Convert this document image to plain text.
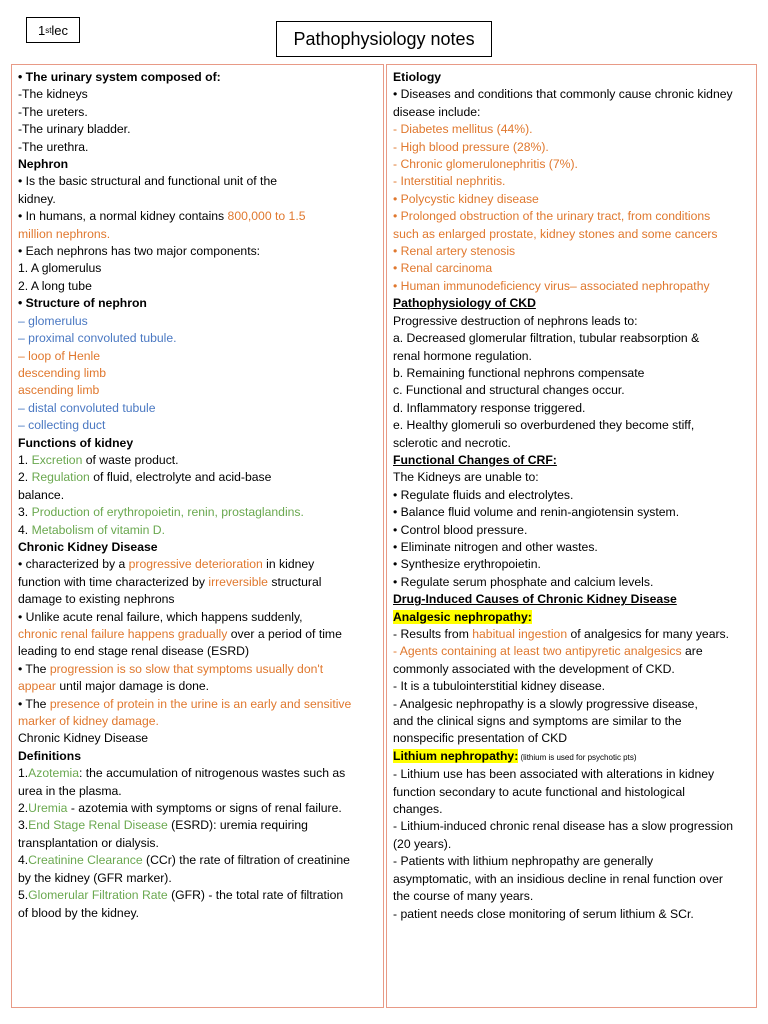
1 st lec	Pathophysiology notes
• The urinary system composed of:
-The kidneys
-The ureters.
-The urinary bladder.
-The urethra.
Nephron
• Is the basic structural and functional unit of the
kidney.
• In humans, a normal kidney contains 800,000 to 1.5
million nephrons.
• Each nephrons has two major components:
1. A glomerulus
2. A long tube
• Structure of nephron
– glomerulus
– proximal convoluted tubule.
– loop of Henle
descending limb
ascending limb
– distal convoluted tubule
– collecting duct
Functions of kidney
1. Excretion of waste product.
2. Regulation of fluid, electrolyte and acid-base
balance.
3. Production of erythropoietin, renin, prostaglandins.
4. Metabolism of vitamin D.
Chronic Kidney Disease
• characterized by a progressive deterioration in kidney
function with time characterized by irreversible structural
damage to existing nephrons
• Unlike acute renal failure, which happens suddenly,
chronic renal failure happens gradually over a period of time
leading to end stage renal disease (ESRD)
• The progression is so slow that symptoms usually don't
appear until major damage is done.
• The presence of protein in the urine is an early and sensitive
marker of kidney damage.
Chronic Kidney Disease
Definitions
1.Azotemia: the accumulation of nitrogenous wastes such as
urea in the plasma.
2.Uremia - azotemia with symptoms or signs of renal failure.
3.End Stage Renal Disease (ESRD): uremia requiring
transplantation or dialysis.
4.Creatinine Clearance (CCr) the rate of filtration of creatinine
by the kidney (GFR marker).
5.Glomerular Filtration Rate (GFR) - the total rate of filtration
of blood by the kidney.
Etiology
• Diseases and conditions that commonly cause chronic kidney
disease include:
- Diabetes mellitus (44%).
- High blood pressure (28%).
- Chronic glomerulonephritis (7%).
- Interstitial nephritis.
• Polycystic kidney disease
• Prolonged obstruction of the urinary tract, from conditions
such as enlarged prostate, kidney stones and some cancers
• Renal artery stenosis
• Renal carcinoma
• Human immunodeficiency virus– associated nephropathy
Pathophysiology of CKD
Progressive destruction of nephrons leads to:
a. Decreased glomerular filtration, tubular reabsorption &
renal hormone regulation.
b. Remaining functional nephrons compensate
c. Functional and structural changes occur.
d. Inflammatory response triggered.
e. Healthy glomeruli so overburdened they become stiff,
sclerotic and necrotic.
Functional Changes of CRF:
The Kidneys are unable to:
• Regulate fluids and electrolytes.
• Balance fluid volume and renin-angiotensin system.
• Control blood pressure.
• Eliminate nitrogen and other wastes.
• Synthesize erythropoietin.
• Regulate serum phosphate and calcium levels.
Drug-Induced Causes of Chronic Kidney Disease
Analgesic nephropathy:
- Results from habitual ingestion of analgesics for many years.
- Agents containing at least two antipyretic analgesics are
commonly associated with the development of CKD.
- It is a tubulointerstitial kidney disease.
- Analgesic nephropathy is a slowly progressive disease,
and the clinical signs and symptoms are similar to the
nonspecific presentation of CKD
Lithium nephropathy: (lithium is used for psychotic pts)
- Lithium use has been associated with alterations in kidney
function secondary to acute functional and histological
changes.
- Lithium-induced chronic renal disease has a slow progression
(20 years).
- Patients with lithium nephropathy are generally
asymptomatic, with an insidious decline in renal function over
the course of many years.
- patient needs close monitoring of serum lithium & SCr.
